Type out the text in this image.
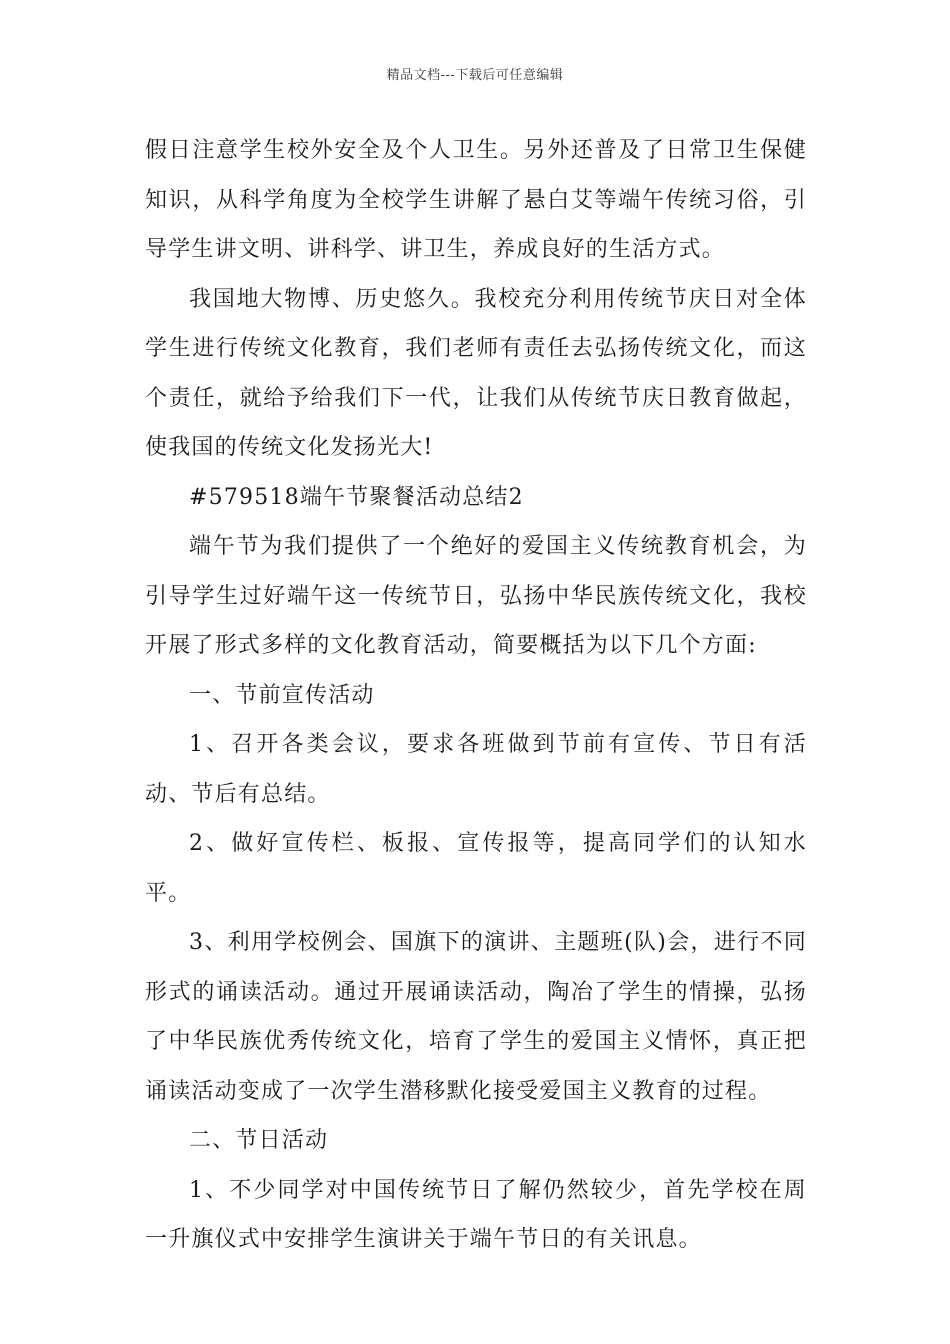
精品文档---下载后可任意编辑

假日注意学生校外安全及个人卫生。另外还普及了日常卫生保健知识，从科学角度为全校学生讲解了悬白艾等端午传统习俗，引导学生讲文明、讲科学、讲卫生，养成良好的生活方式。

我国地大物博、历史悠久。我校充分利用传统节庆日对全体学生进行传统文化教育，我们老师有责任去弘扬传统文化，而这个责任，就给予给我们下一代，让我们从传统节庆日教育做起，使我国的传统文化发扬光大!

#579518端午节聚餐活动总结2

端午节为我们提供了一个绝好的爱国主义传统教育机会，为引导学生过好端午这一传统节日，弘扬中华民族传统文化，我校开展了形式多样的文化教育活动，简要概括为以下几个方面:

一、节前宣传活动

1、召开各类会议，要求各班做到节前有宣传、节日有活动、节后有总结。

2、做好宣传栏、板报、宣传报等，提高同学们的认知水平。

3、利用学校例会、国旗下的演讲、主题班(队)会，进行不同形式的诵读活动。通过开展诵读活动，陶冶了学生的情操，弘扬了中华民族优秀传统文化，培育了学生的爱国主义情怀，真正把诵读活动变成了一次学生潜移默化接受爱国主义教育的过程。

二、节日活动

1、不少同学对中国传统节日了解仍然较少，首先学校在周一升旗仪式中安排学生演讲关于端午节日的有关讯息。
